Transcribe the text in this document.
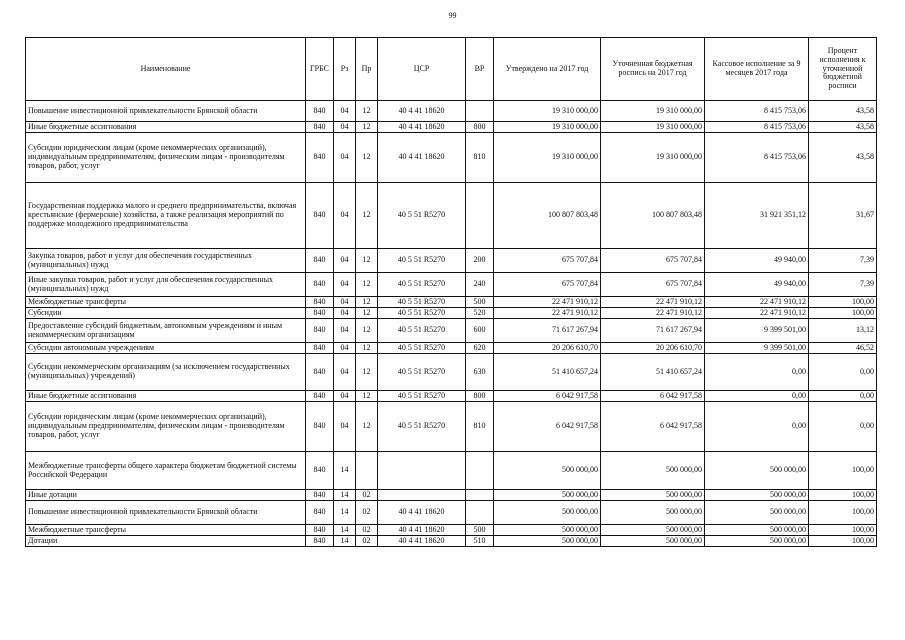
99
Наименование	ГРБС	Рз	Пр	ЦСР	ВР	Утверждено на 2017 год	Уточненная бюджетная роспись на 2017 год	Кассовое исполнение за 9 месяцев 2017 года	Процент исполнения к уточненной бюджетной росписи
Повышение инвестиционной привлекательности Брянской области	840	04	12	40 4 41 18620		19 310 000,00	19 310 000,00	8 415 753,06	43,58
Иные бюджетные ассигнования	840	04	12	40 4 41 18620	800	19 310 000,00	19 310 000,00	8 415 753,06	43,58
Субсидии юридическим лицам (кроме некоммерческих организаций), индивидуальным предпринимателям, физическим лицам - производителям товаров, работ, услуг	840	04	12	40 4 41 18620	810	19 310 000,00	19 310 000,00	8 415 753,06	43,58
Государственная поддержка малого и среднего предпринимательства, включая крестьянские (фермерские) хозяйства, а также реализация мероприятий по поддержке молодежного предпринимательства	840	04	12	40 5 51 R5270		100 807 803,48	100 807 803,48	31 921 351,12	31,67
Закупка товаров, работ и услуг для обеспечения государственных (муниципальных) нужд	840	04	12	40 5 51 R5270	200	675 707,84	675 707,84	49 940,00	7,39
Иные закупки товаров, работ и услуг для обеспечения государственных (муниципальных) нужд	840	04	12	40 5 51 R5270	240	675 707,84	675 707,84	49 940,00	7,39
Межбюджетные трансферты	840	04	12	40 5 51 R5270	500	22 471 910,12	22 471 910,12	22 471 910,12	100,00
Субсидии	840	04	12	40 5 51 R5270	520	22 471 910,12	22 471 910,12	22 471 910,12	100,00
Предоставление субсидий бюджетным, автономным учреждениям и иным некоммерческим организациям	840	04	12	40 5 51 R5270	600	71 617 267,94	71 617 267,94	9 399 501,00	13,12
Субсидии автономным учреждениям	840	04	12	40 5 51 R5270	620	20 206 610,70	20 206 610,70	9 399 501,00	46,52
Субсидии некоммерческим организациям (за исключением государственных (муниципальных) учреждений)	840	04	12	40 5 51 R5270	630	51 410 657,24	51 410 657,24	0,00	0,00
Иные бюджетные ассигнования	840	04	12	40 5 51 R5270	800	6 042 917,58	6 042 917,58	0,00	0,00
Субсидии юридическим лицам (кроме некоммерческих организаций), индивидуальным предпринимателям, физическим лицам - производителям товаров, работ, услуг	840	04	12	40 5 51 R5270	810	6 042 917,58	6 042 917,58	0,00	0,00
Межбюджетные трансферты общего характера бюджетам бюджетной системы Российской Федерации	840	14				500 000,00	500 000,00	500 000,00	100,00
Иные дотации	840	14	02			500 000,00	500 000,00	500 000,00	100,00
Повышение инвестиционной привлекательности Брянской области	840	14	02	40 4 41 18620		500 000,00	500 000,00	500 000,00	100,00
Межбюджетные трансферты	840	14	02	40 4 41 18620	500	500 000,00	500 000,00	500 000,00	100,00
Дотации	840	14	02	40 4 41 18620	510	500 000,00	500 000,00	500 000,00	100,00
